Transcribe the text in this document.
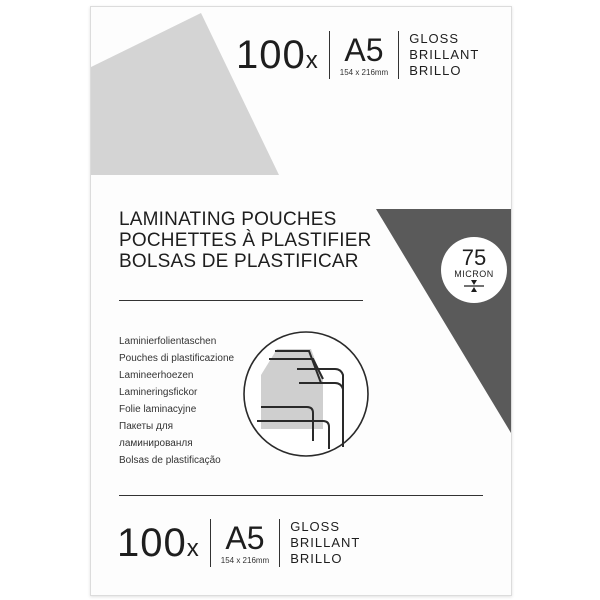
100x A5
154 x 216mm
GLOSS
BRILLANT
BRILLO
LAMINATING POUCHES
POCHETTES À PLASTIFIER
BOLSAS DE PLASTIFICAR	75
MICRON
Laminierfolientaschen
Pouches di plastificazione
Lamineerhoezen
Lamineringsfickor
Folie laminacyjne
Пакеты для
ламинированля
Bolsas de plastificação
100x A5
154 x 216mm
GLOSS
BRILLANT
BRILLO
